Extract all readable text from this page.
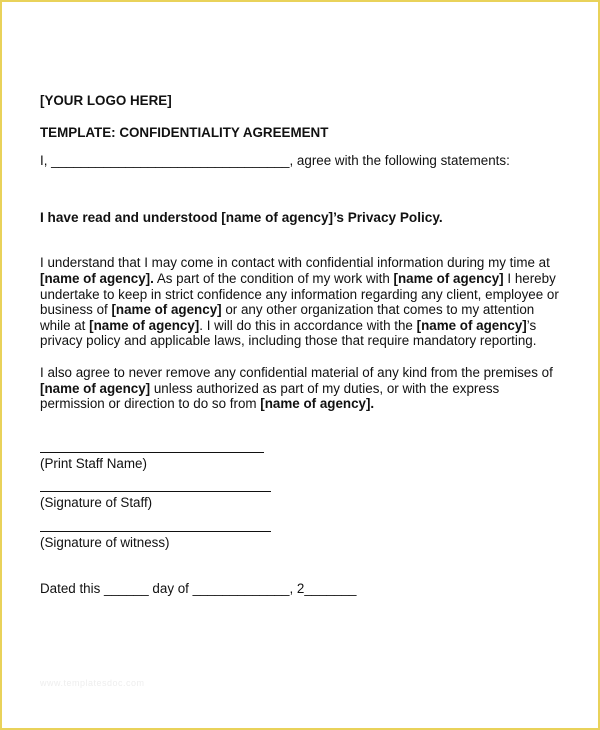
[YOUR LOGO HERE]
TEMPLATE: CONFIDENTIALITY AGREEMENT
I, ________________________________, agree with the following statements:
I have read and understood [name of agency]’s Privacy Policy.
I understand that I may come in contact with confidential information during my time at [name of agency]. As part of the condition of my work with [name of agency] I hereby undertake to keep in strict confidence any information regarding any client, employee or business of [name of agency] or any other organization that comes to my attention while at [name of agency]. I will do this in accordance with the [name of agency]’s privacy policy and applicable laws, including those that require mandatory reporting.
I also agree to never remove any confidential material of any kind from the premises of [name of agency] unless authorized as part of my duties, or with the express permission or direction to do so from [name of agency].
(Print Staff Name)
(Signature of Staff)
(Signature of witness)
Dated this ______ day of _____________, 2_______
www.templatesdoc.com
